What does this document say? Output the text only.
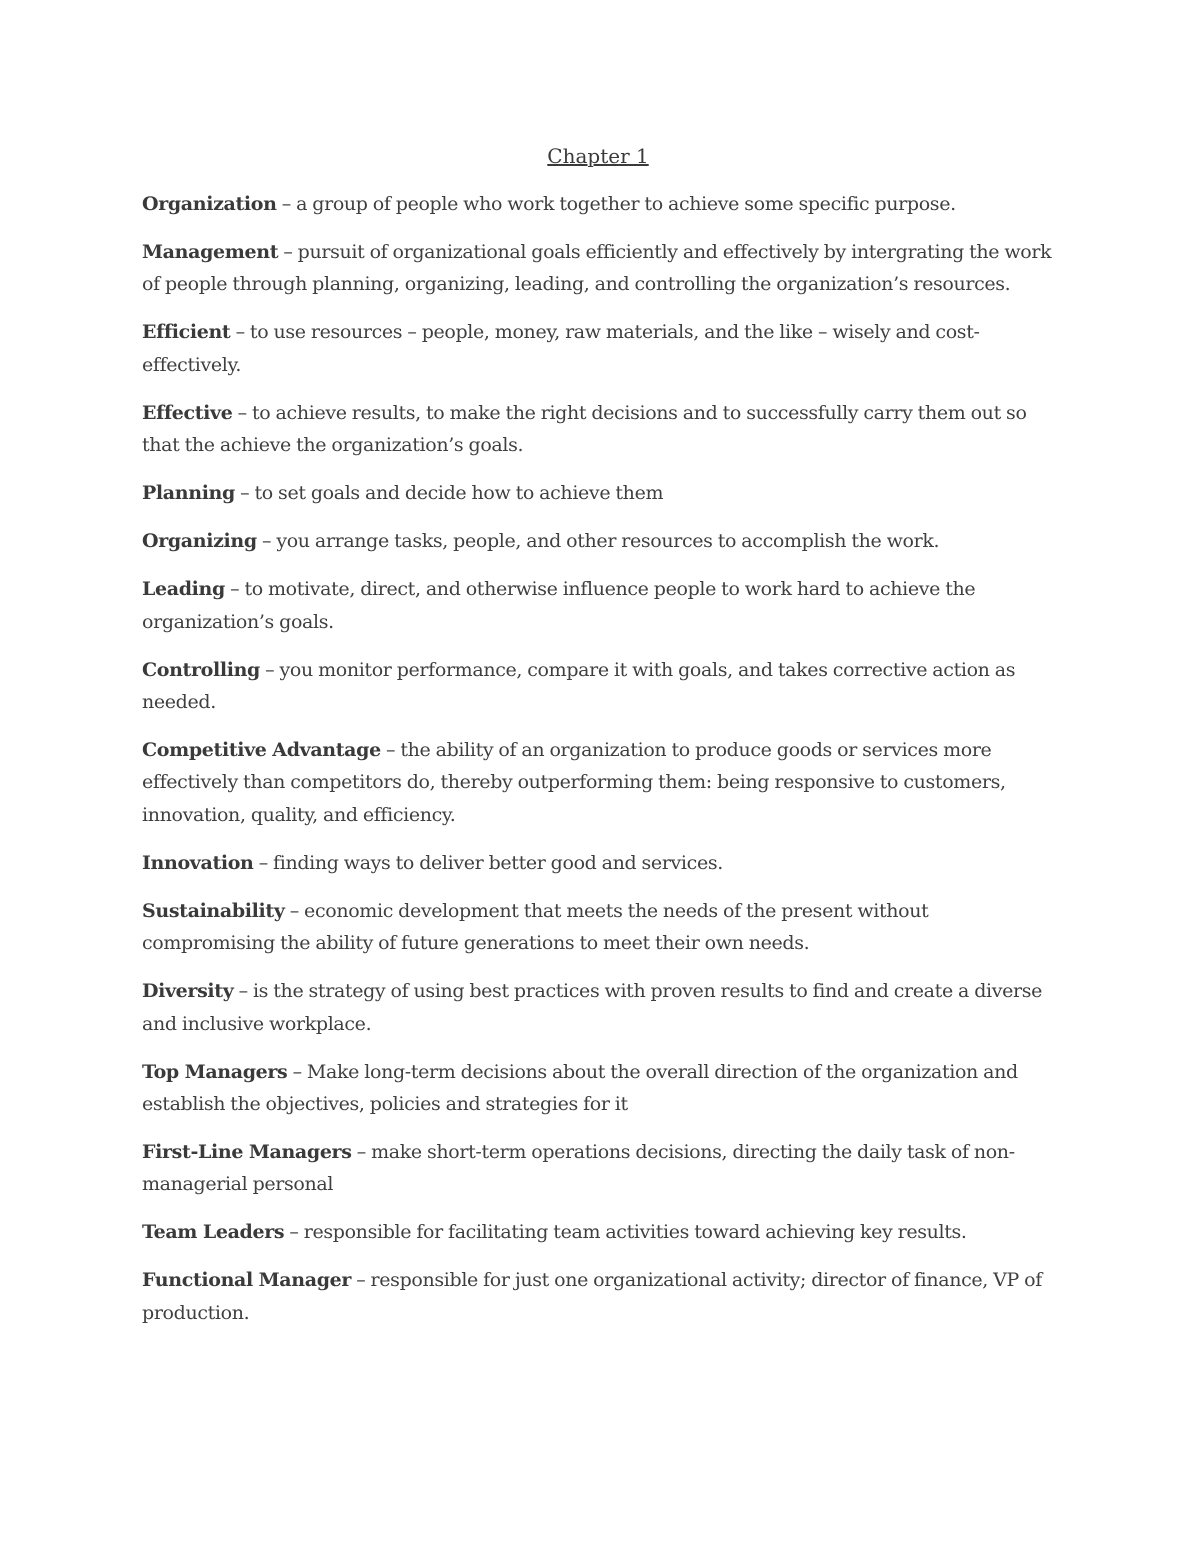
Chapter 1

Organization – a group of people who work together to achieve some specific purpose.

Management – pursuit of organizational goals efficiently and effectively by intergrating the work of people through planning, organizing, leading, and controlling the organization’s resources.

Efficient – to use resources – people, money, raw materials, and the like – wisely and cost-effectively.

Effective – to achieve results, to make the right decisions and to successfully carry them out so that the achieve the organization’s goals.

Planning – to set goals and decide how to achieve them

Organizing – you arrange tasks, people, and other resources to accomplish the work.

Leading – to motivate, direct, and otherwise influence people to work hard to achieve the organization’s goals.

Controlling – you monitor performance, compare it with goals, and takes corrective action as needed.

Competitive Advantage – the ability of an organization to produce goods or services more effectively than competitors do, thereby outperforming them: being responsive to customers, innovation, quality, and efficiency.

Innovation – finding ways to deliver better good and services.

Sustainability – economic development that meets the needs of the present without compromising the ability of future generations to meet their own needs.

Diversity – is the strategy of using best practices with proven results to find and create a diverse and inclusive workplace.

Top Managers – Make long-term decisions about the overall direction of the organization and establish the objectives, policies and strategies for it

First-Line Managers – make short-term operations decisions, directing the daily task of non-managerial personal

Team Leaders – responsible for facilitating team activities toward achieving key results.

Functional Manager – responsible for just one organizational activity; director of finance, VP of production.
